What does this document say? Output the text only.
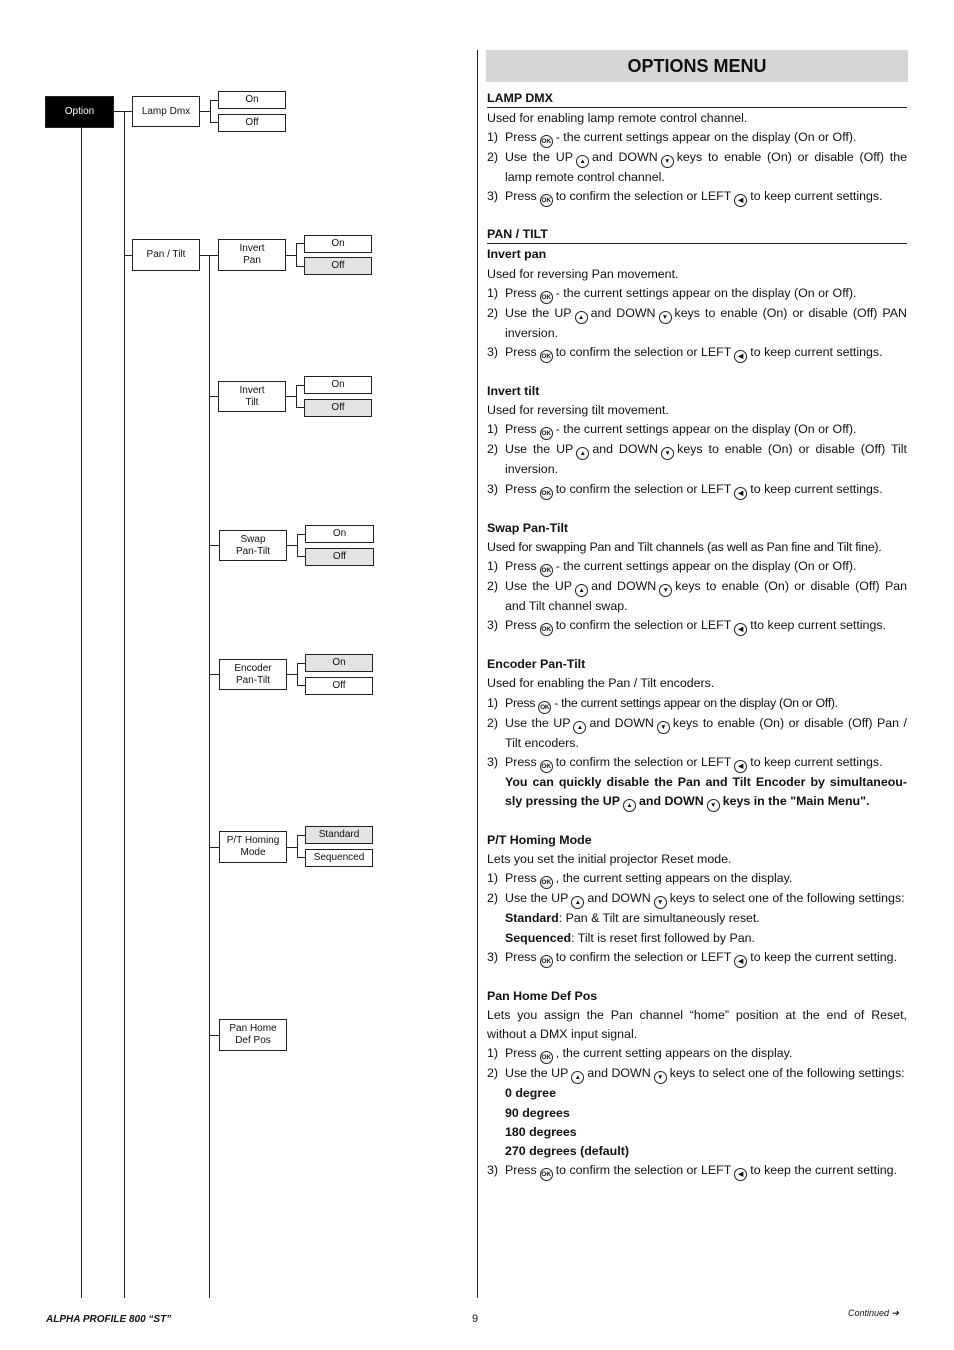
Option	Lamp Dmx
On
Off
Pan / Tilt
Invert
Pan
On
Off
Invert
Tilt
On
Off
Swap
Pan-Tilt
On
Off
Encoder
Pan-Tilt
On
Off
P/T Homing
Mode
Standard
Sequenced
Pan Home
Def Pos
OPTIONS MENU
LAMP DMX
Used for enabling lamp remote control channel.
1) Press OK - the current settings appear on the display (On or Off).
2) Use the UP ▲ and DOWN ▼ keys to enable (On) or disable (Off) the lamp remote control channel.
3) Press OK to confirm the selection or LEFT ◀ to keep current settings.
PAN / TILT
Invert pan
Used for reversing Pan movement.
1) Press OK - the current settings appear on the display (On or Off).
2) Use the UP ▲ and DOWN ▼ keys to enable (On) or disable (Off) PAN inversion.
3) Press OK to confirm the selection or LEFT ◀ to keep current settings.
Invert tilt
Used for reversing tilt movement.
1) Press OK - the current settings appear on the display (On or Off).
2) Use the UP ▲ and DOWN ▼ keys to enable (On) or disable (Off) Tilt inversion.
3) Press OK to confirm the selection or LEFT ◀ to keep current settings.
Swap Pan-Tilt
Used for swapping Pan and Tilt channels (as well as Pan fine and Tilt fine).
1) Press OK - the current settings appear on the display (On or Off).
2) Use the UP ▲ and DOWN ▼ keys to enable (On) or disable (Off) Pan and Tilt channel swap.
3) Press OK to confirm the selection or LEFT ◀ tto keep current settings.
Encoder Pan-Tilt
Used for enabling the Pan / Tilt encoders.
1) Press OK - the current settings appear on the display (On or Off).
2) Use the UP ▲ and DOWN ▼ keys to enable (On) or disable (Off) Pan / Tilt encoders.
3) Press OK to confirm the selection or LEFT ◀ to keep current settings.
You can quickly disable the Pan and Tilt Encoder by simultaneou-sly pressing the UP ▲ and DOWN ▼ keys in the "Main Menu".
P/T Homing Mode
Lets you set the initial projector Reset mode.
1) Press OK , the current setting appears on the display.
2) Use the UP ▲ and DOWN ▼ keys to select one of the following settings:
Standard: Pan & Tilt are simultaneously reset.
Sequenced: Tilt is reset first followed by Pan.
3) Press OK to confirm the selection or LEFT ◀ to keep the current setting.
Pan Home Def Pos
Lets you assign the Pan channel “home” position at the end of Reset, without a DMX input signal.
1) Press OK , the current setting appears on the display.
2) Use the UP ▲ and DOWN ▼ keys to select one of the following settings:
0 degree
90 degrees
180 degrees
270 degrees (default)
3) Press OK to confirm the selection or LEFT ◀ to keep the current setting.
ALPHA PROFILE 800 “ST”	9	Continued ➔
